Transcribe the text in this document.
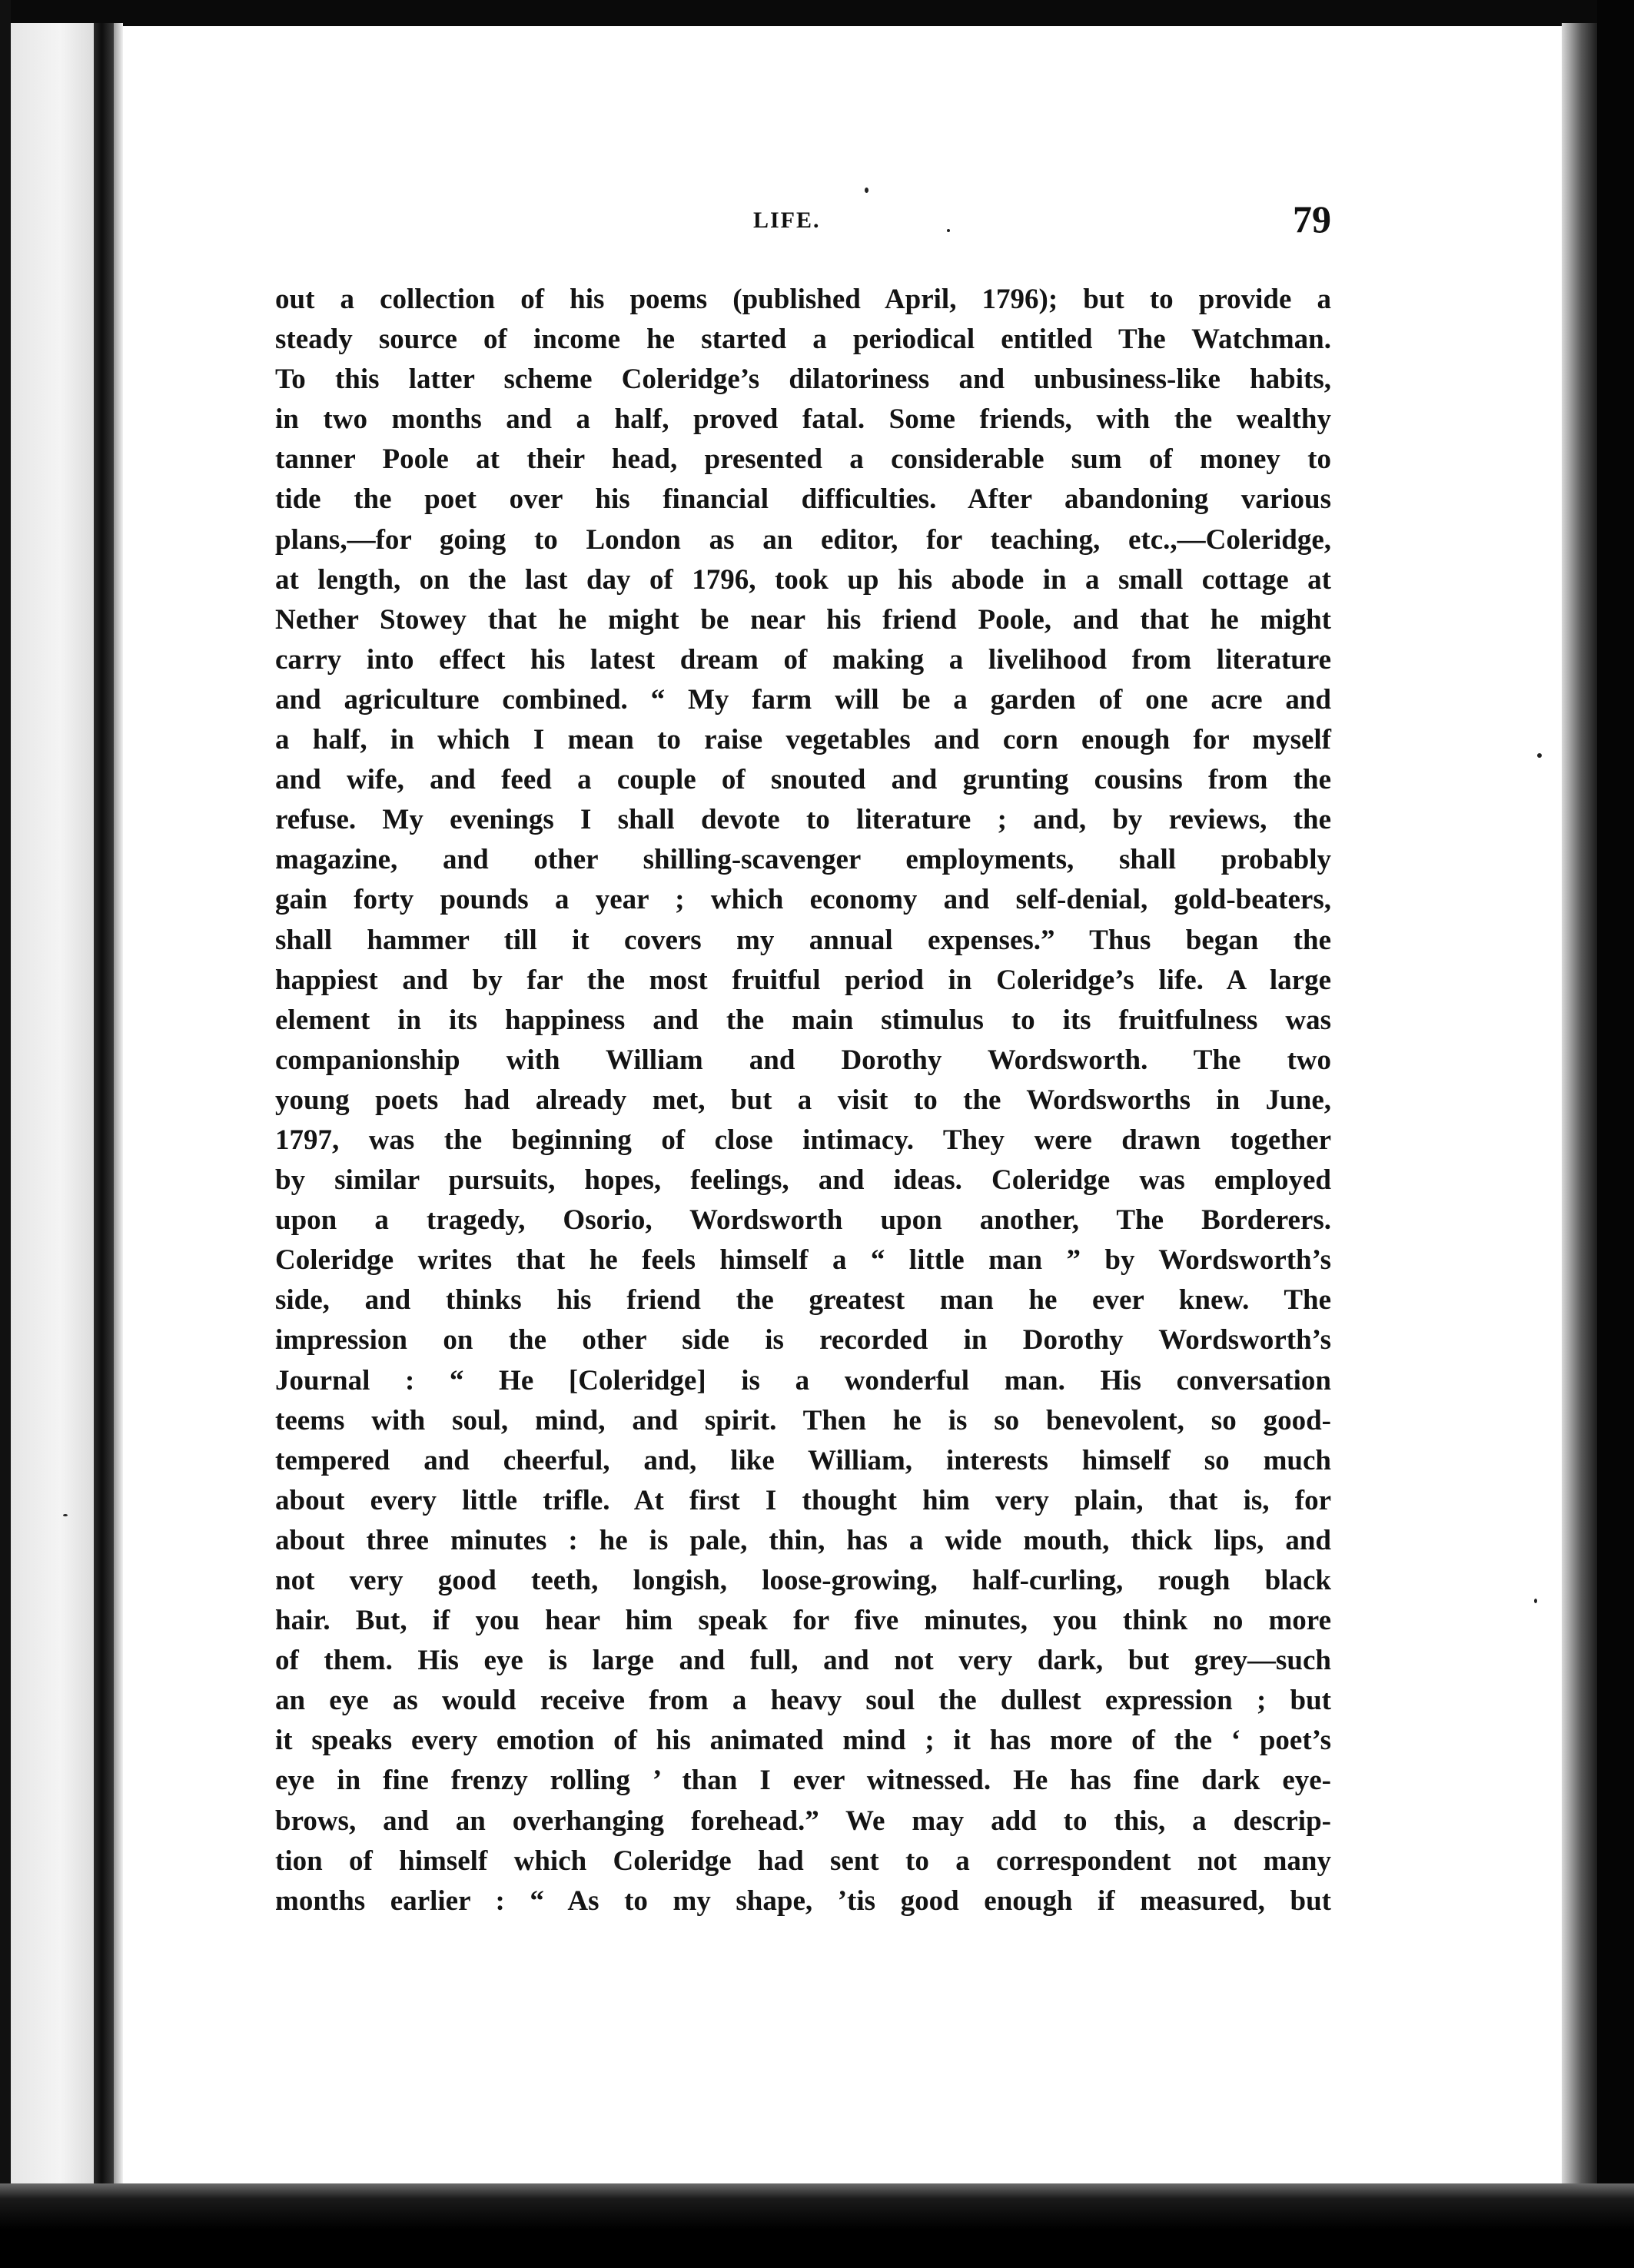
LIFE.	79
out a collection of his poems (published April, 1796); but to provide a
steady source of income he started a periodical entitled The Watchman.
To this latter scheme Coleridge’s dilatoriness and unbusiness-like habits,
in two months and a half, proved fatal. Some friends, with the wealthy
tanner Poole at their head, presented a considerable sum of money to
tide the poet over his financial difficulties. After abandoning various
plans,—for going to London as an editor, for teaching, etc.,—Coleridge,
at length, on the last day of 1796, took up his abode in a small cottage at
Nether Stowey that he might be near his friend Poole, and that he might
carry into effect his latest dream of making a livelihood from literature
and agriculture combined. “ My farm will be a garden of one acre and
a half, in which I mean to raise vegetables and corn enough for myself
and wife, and feed a couple of snouted and grunting cousins from the
refuse. My evenings I shall devote to literature ; and, by reviews, the
magazine, and other shilling-scavenger employments, shall probably
gain forty pounds a year ; which economy and self-denial, gold-beaters,
shall hammer till it covers my annual expenses.” Thus began the
happiest and by far the most fruitful period in Coleridge’s life. A large
element in its happiness and the main stimulus to its fruitfulness was
companionship with William and Dorothy Wordsworth. The two
young poets had already met, but a visit to the Wordsworths in June,
1797, was the beginning of close intimacy. They were drawn together
by similar pursuits, hopes, feelings, and ideas. Coleridge was employed
upon a tragedy, Osorio, Wordsworth upon another, The Borderers.
Coleridge writes that he feels himself a “ little man ” by Wordsworth’s
side, and thinks his friend the greatest man he ever knew. The
impression on the other side is recorded in Dorothy Wordsworth’s
Journal : “ He [Coleridge] is a wonderful man. His conversation
teems with soul, mind, and spirit. Then he is so benevolent, so good-
tempered and cheerful, and, like William, interests himself so much
about every little trifle. At first I thought him very plain, that is, for
about three minutes : he is pale, thin, has a wide mouth, thick lips, and
not very good teeth, longish, loose-growing, half-curling, rough black
hair. But, if you hear him speak for five minutes, you think no more
of them. His eye is large and full, and not very dark, but grey—such
an eye as would receive from a heavy soul the dullest expression ; but
it speaks every emotion of his animated mind ; it has more of the ‘ poet’s
eye in fine frenzy rolling ’ than I ever witnessed. He has fine dark eye-
brows, and an overhanging forehead.” We may add to this, a descrip-
tion of himself which Coleridge had sent to a correspondent not many
months earlier : “ As to my shape, ’tis good enough if measured, but
